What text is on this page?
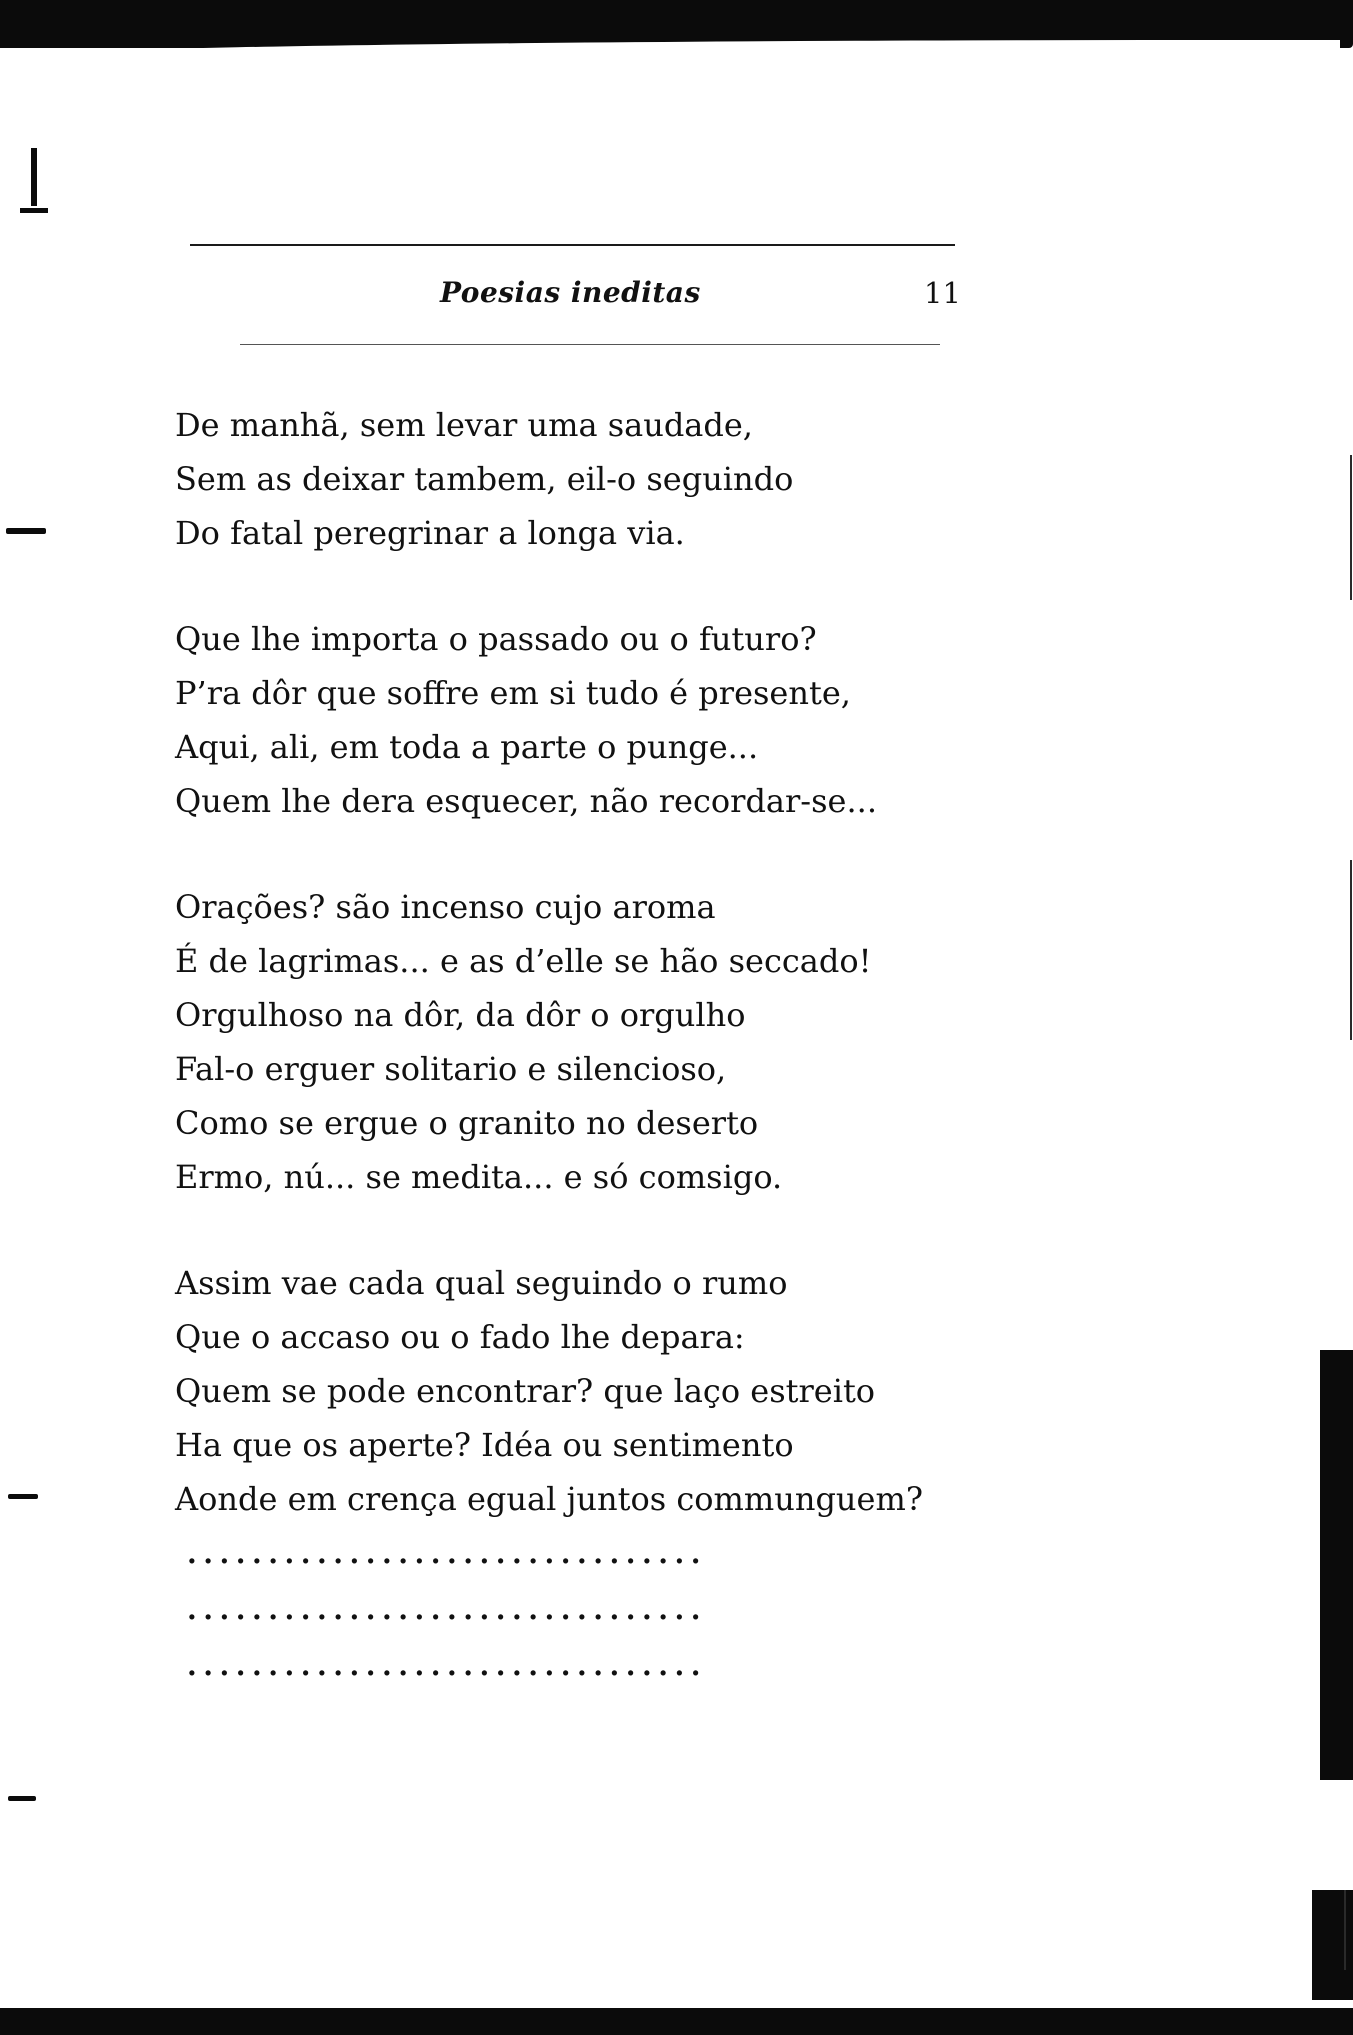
Poesias ineditas	11
De manhã, sem levar uma saudade,
Sem as deixar tambem, eil-o seguindo
Do fatal peregrinar a longa via.
Que lhe importa o passado ou o futuro?
P’ra dôr que soffre em si tudo é presente,
Aqui, ali, em toda a parte o punge...
Quem lhe dera esquecer, não recordar-se...
Orações? são incenso cujo aroma
É de lagrimas... e as d’elle se hão seccado!
Orgulhoso na dôr, da dôr o orgulho
Fal-o erguer solitario e silencioso,
Como se ergue o granito no deserto
Ermo, nú... se medita... e só comsigo.
Assim vae cada qual seguindo o rumo
Que o accaso ou o fado lhe depara:
Quem se pode encontrar? que laço estreito
Ha que os aperte? Idéa ou sentimento
Aonde em crença egual juntos communguem?
................................
................................
................................
